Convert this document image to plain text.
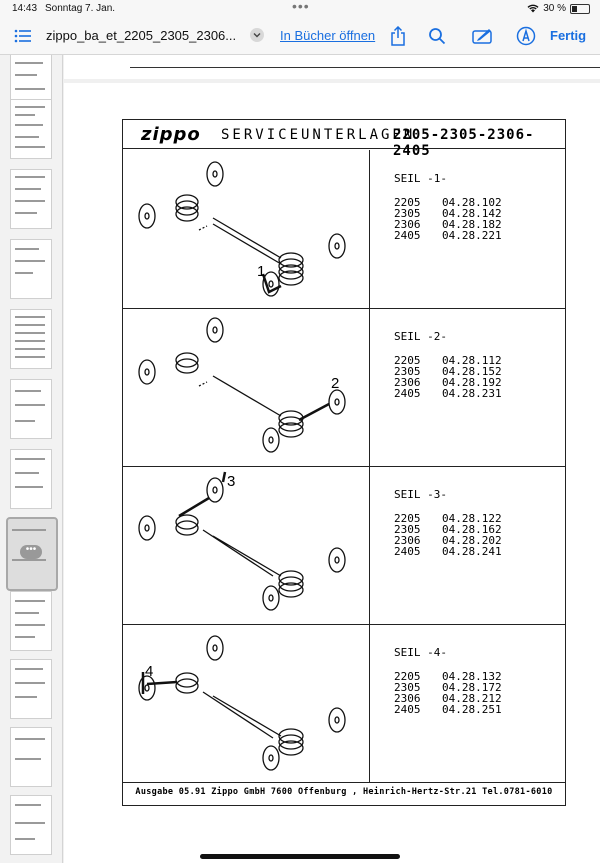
14:43 Sonntag 7. Jan.	•••	30 %
zippo_ba_et_2205_2305_2306...	In Bücher öffnen	Fertig
•••
zippo SERVICEUNTERLAGEN
2205-2305-2306-2405
1
SEIL -1-
2205 04.28.102
2305 04.28.142
2306 04.28.182
2405 04.28.221
2
SEIL -2-
2205 04.28.112
2305 04.28.152
2306 04.28.192
2405 04.28.231
3
SEIL -3-
2205 04.28.122
2305 04.28.162
2306 04.28.202
2405 04.28.241
4
SEIL -4-
2205 04.28.132
2305 04.28.172
2306 04.28.212
2405 04.28.251
Ausgabe 05.91 Zippo GmbH 7600 Offenburg , Heinrich-Hertz-Str.21 Tel.0781-6010
